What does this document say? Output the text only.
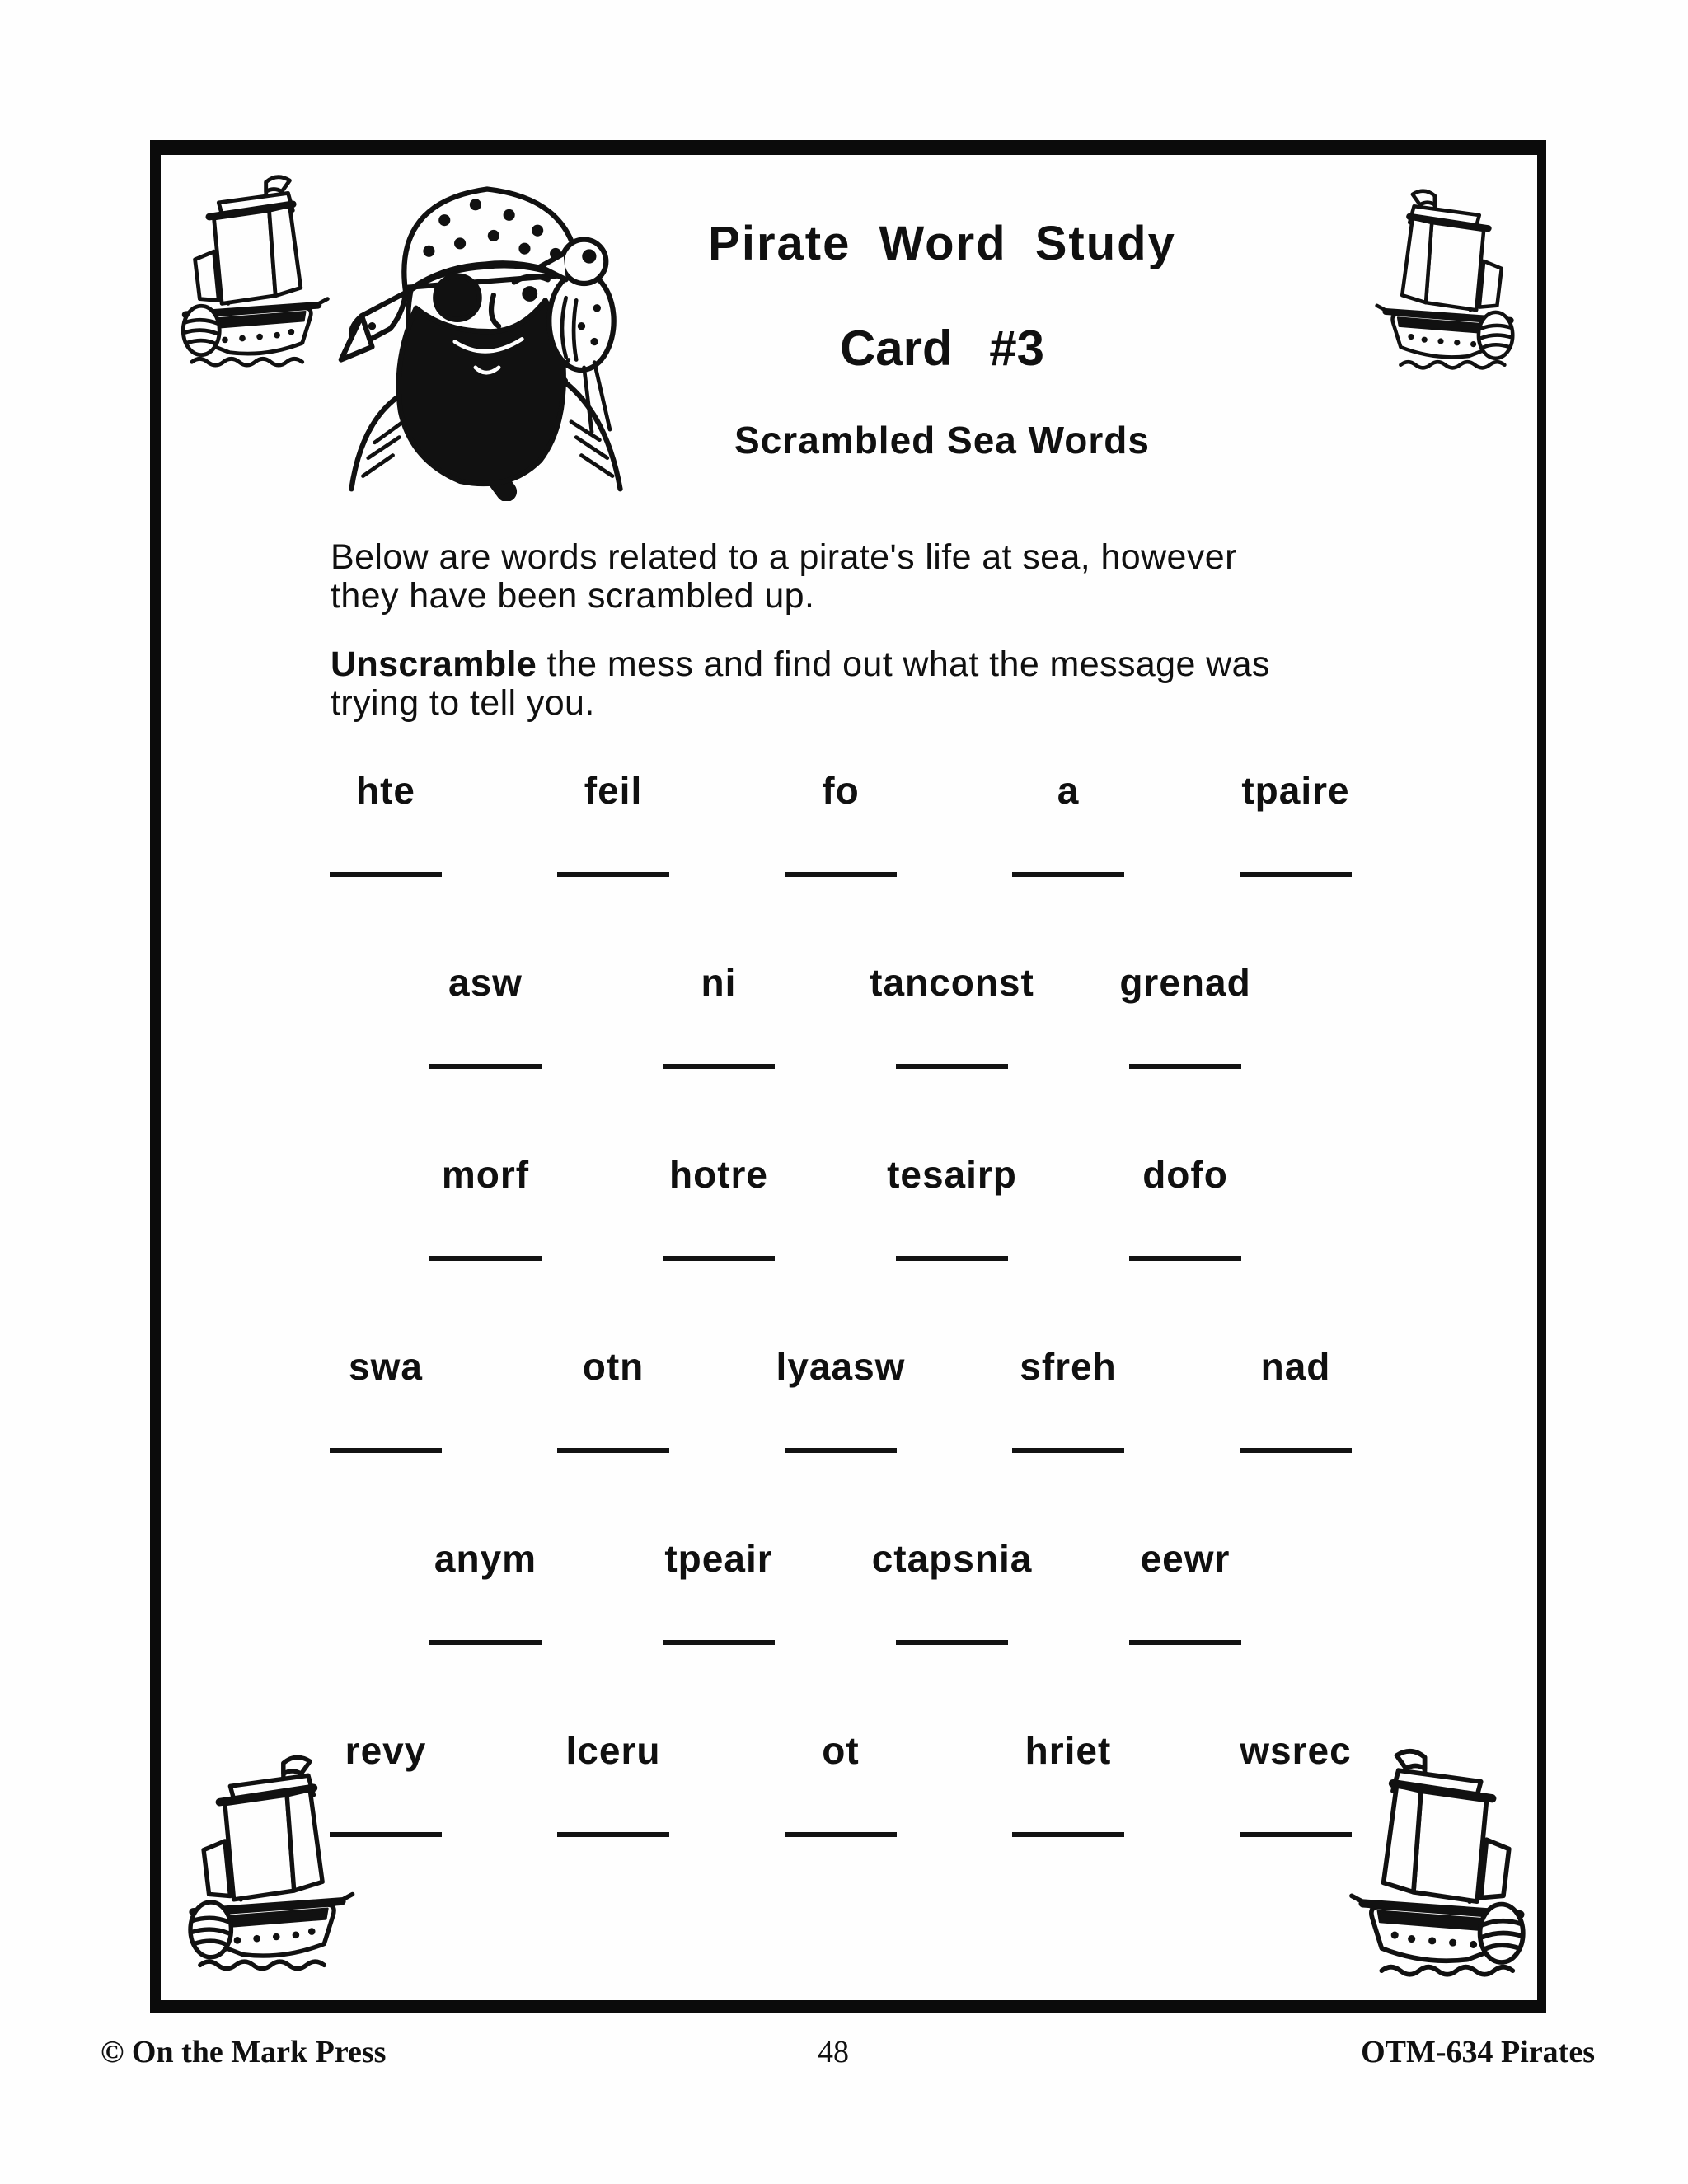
Pirate Word Study
Card #3
Scrambled Sea Words

Below are words related to a pirate's life at sea, however
they have been scrambled up.

Unscramble the mess and find out what the message was
trying to tell you.

hte	feil	fo	a	tpaire
asw	ni	tanconst grenad
morf	hotre	tesairp	dofo
swa	otn	lyaasw	sfreh	nad
anym	tpeair	ctapsnia	eewr
revy	lceru	ot	hriet	wsrec
© On the Mark Press	48	OTM-634 Pirates
